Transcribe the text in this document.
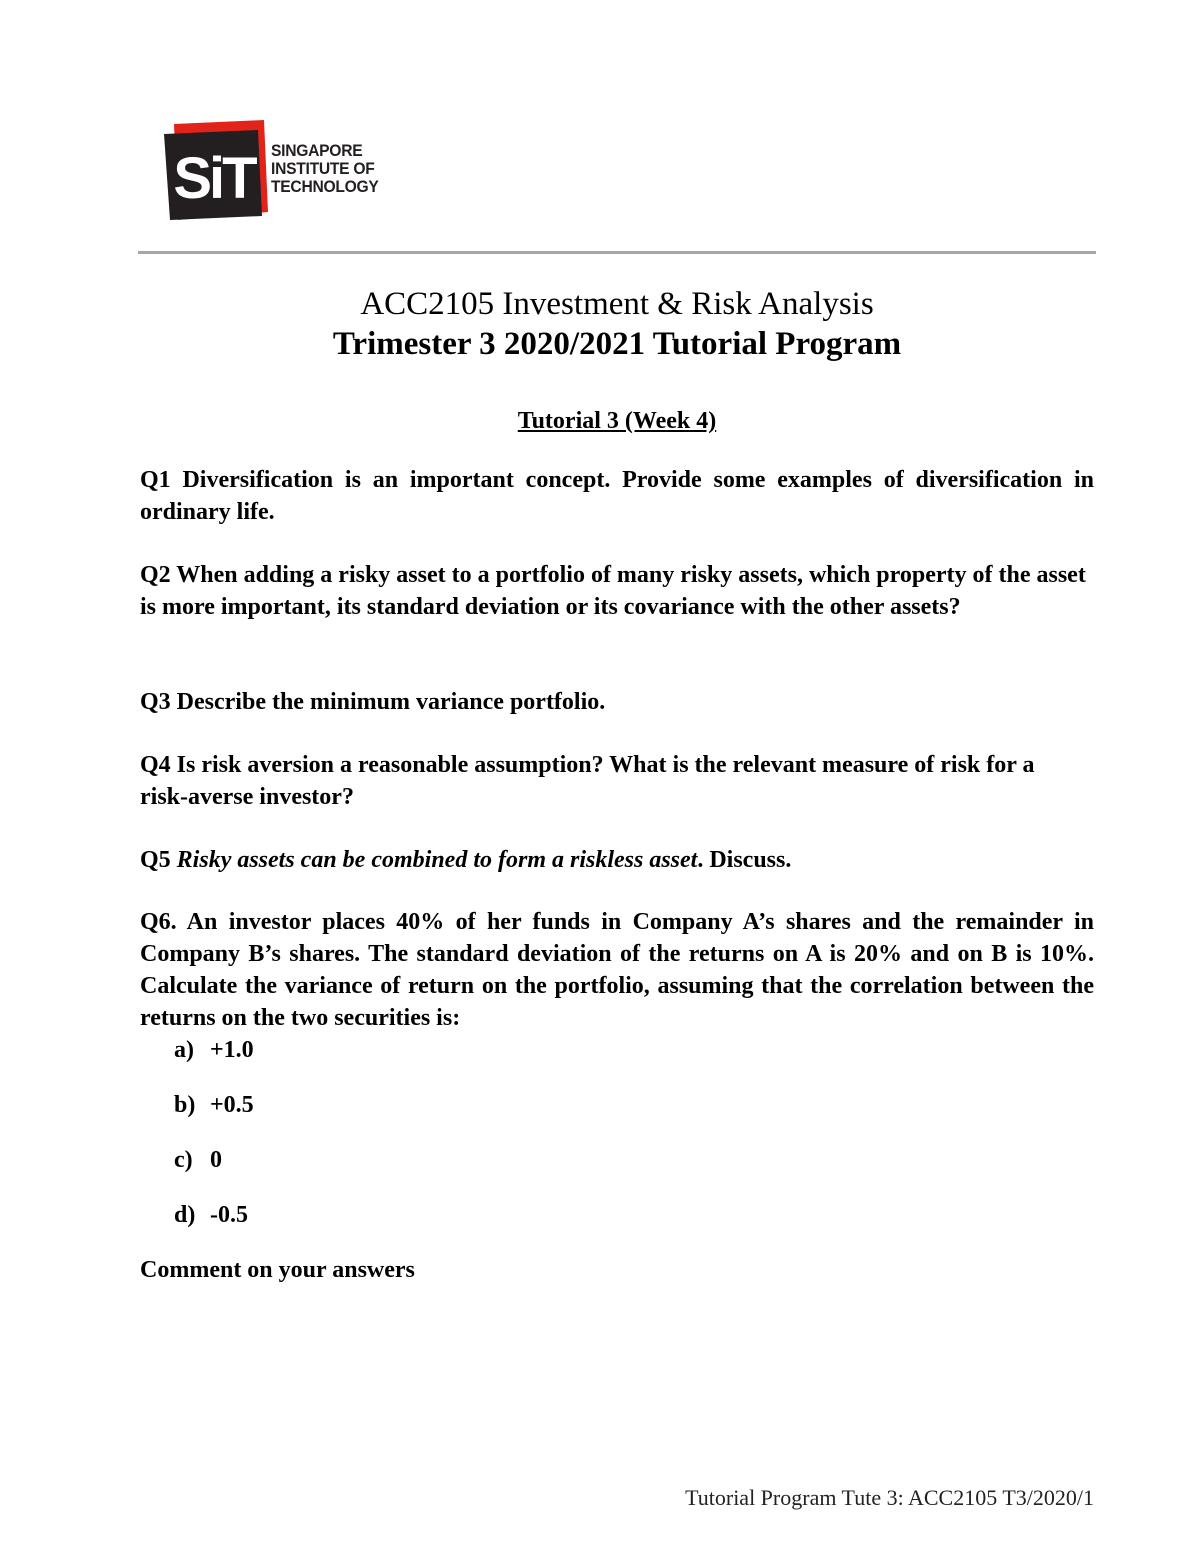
SiT SINGAPORE
INSTITUTE OF
TECHNOLOGY
ACC2105 Investment & Risk Analysis
Trimester 3 2020/2021 Tutorial Program
Tutorial 3 (Week 4)

Q1 Diversification is an important concept. Provide some examples of diversification in ordinary life.

Q2 When adding a risky asset to a portfolio of many risky assets, which property of the asset is more important, its standard deviation or its covariance with the other assets?

Q3 Describe the minimum variance portfolio.

Q4 Is risk aversion a reasonable assumption? What is the relevant measure of risk for a risk-averse investor?

Q5 Risky assets can be combined to form a riskless asset. Discuss.

Q6. An investor places 40% of her funds in Company A’s shares and the remainder in Company B’s shares. The standard deviation of the returns on A is 20% and on B is 10%. Calculate the variance of return on the portfolio, assuming that the correlation between the returns on the two securities is:

a) +1.0
b) +0.5
c) 0
d) -0.5

Comment on your answers

Tutorial Program Tute 3: ACC2105 T3/2020/1
